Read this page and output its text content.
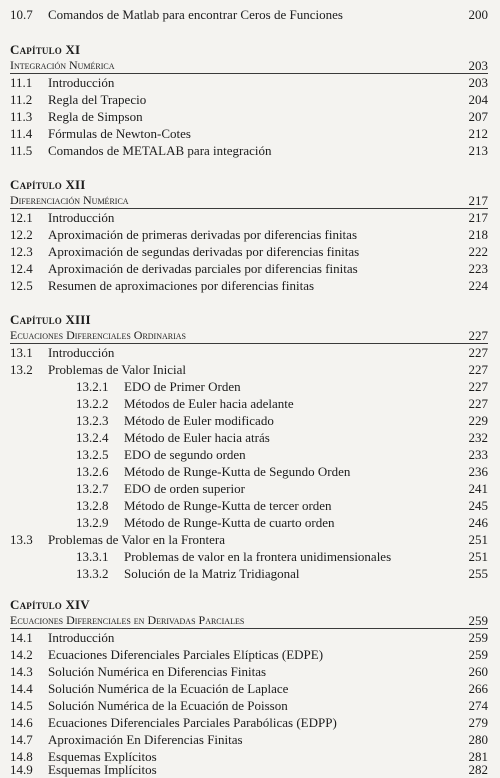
10.7 Comandos de Matlab para encontrar Ceros de Funciones	200
Capítulo XI
Integración Numérica	203
11.1 Introducción	203
11.2 Regla del Trapecio	204
11.3 Regla de Simpson	207
11.4 Fórmulas de Newton-Cotes	212
11.5 Comandos de METALAB para integración	213
Capítulo XII
Diferenciación Numérica	217
12.1 Introducción	217
12.2 Aproximación de primeras derivadas por diferencias finitas	218
12.3 Aproximación de segundas derivadas por diferencias finitas	222
12.4 Aproximación de derivadas parciales por diferencias finitas	223
12.5 Resumen de aproximaciones por diferencias finitas	224
Capítulo XIII
Ecuaciones Diferenciales Ordinarias	227
13.1 Introducción	227
13.2 Problemas de Valor Inicial	227
13.2.1 EDO de Primer Orden	227
13.2.2 Métodos de Euler hacia adelante	227
13.2.3 Método de Euler modificado	229
13.2.4 Método de Euler hacia atrás	232
13.2.5 EDO de segundo orden	233
13.2.6 Método de Runge-Kutta de Segundo Orden	236
13.2.7 EDO de orden superior	241
13.2.8 Método de Runge-Kutta de tercer orden	245
13.2.9 Método de Runge-Kutta de cuarto orden	246
13.3 Problemas de Valor en la Frontera	251
13.3.1 Problemas de valor en la frontera unidimensionales	251
13.3.2 Solución de la Matriz Tridiagonal	255
Capítulo XIV
Ecuaciones Diferenciales en Derivadas Parciales	259
14.1 Introducción	259
14.2 Ecuaciones Diferenciales Parciales Elípticas (EDPE)	259
14.3 Solución Numérica en Diferencias Finitas	260
14.4 Solución Numérica de la Ecuación de Laplace	266
14.5 Solución Numérica de la Ecuación de Poisson	274
14.6 Ecuaciones Diferenciales Parciales Parabólicas (EDPP)	279
14.7 Aproximación En Diferencias Finitas	280
14.8 Esquemas Explícitos	281
14.9 Esquemas Implícitos	282
